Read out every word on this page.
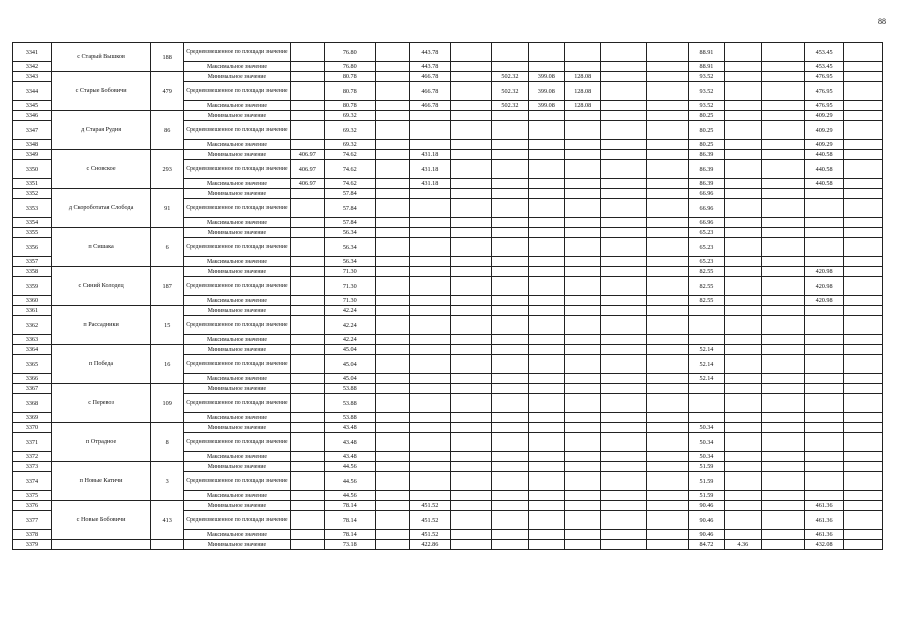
88
3341	с Старый Вышков	188	Средневзвешенное по площади значение		76.80		443.78							88.91			453.45	
3342			Максимальное значение		76.80		443.78							88.91			453.45	
3343	с Старые Бобовичи	479	Минимальное значение		80.78		466.78		502.32	399.08	128.08			93.52			476.95	
3344			Средневзвешенное по площади значение		80.78		466.78		502.32	399.08	128.08			93.52			476.95	
3345			Максимальное значение		80.78		466.78		502.32	399.08	128.08			93.52			476.95	
3346	д Старая Рудня	86	Минимальное значение		69.32									80.25			409.29	
3347			Средневзвешенное по площади значение		69.32									80.25			409.29	
3348			Максимальное значение		69.32									80.25			409.29	
3349	с Сновское	293	Минимальное значение	406.97	74.62		431.18							86.39			440.58	
3350			Средневзвешенное по площади значение	406.97	74.62		431.18							86.39			440.58	
3351			Максимальное значение	406.97	74.62		431.18							86.39			440.58	
3352	д Скороботатая Слобода	91	Минимальное значение		57.84									66.96				
3353			Средневзвешенное по площади значение		57.84									66.96				
3354			Максимальное значение		57.84									66.96				
3355	п Сишака	6	Минимальное значение		56.34									65.23				
3356			Средневзвешенное по площади значение		56.34									65.23				
3357			Максимальное значение		56.34									65.23				
3358	с Синий Колодец	187	Минимальное значение		71.30									82.55			420.98	
3359			Средневзвешенное по площади значение		71.30									82.55			420.98	
3360			Максимальное значение		71.30									82.55			420.98	
3361	п Рассадники	15	Минимальное значение		42.24													
3362			Средневзвешенное по площади значение		42.24													
3363			Максимальное значение		42.24													
3364	п Победа	16	Минимальное значение		45.04									52.14				
3365			Средневзвешенное по площади значение		45.04									52.14				
3366			Максимальное значение		45.04									52.14				
3367	с Перевоз	109	Минимальное значение		53.88													
3368			Средневзвешенное по площади значение		53.88													
3369			Максимальное значение		53.88													
3370	п Отрадное	8	Минимальное значение		43.48									50.34				
3371			Средневзвешенное по площади значение		43.48									50.34				
3372			Максимальное значение		43.48									50.34				
3373	п Новые Катичи	3	Минимальное значение		44.56									51.59				
3374			Средневзвешенное по площади значение		44.56									51.59				
3375			Максимальное значение		44.56									51.59				
3376	с Новые Бобовичи	413	Минимальное значение		78.14		451.52							90.46			461.36	
3377			Средневзвешенное по площади значение		78.14		451.52							90.46			461.36	
3378			Максимальное значение		78.14		451.52							90.46			461.36	
3379			Минимальное значение		73.18		422.86							84.72	4.36		432.08	
